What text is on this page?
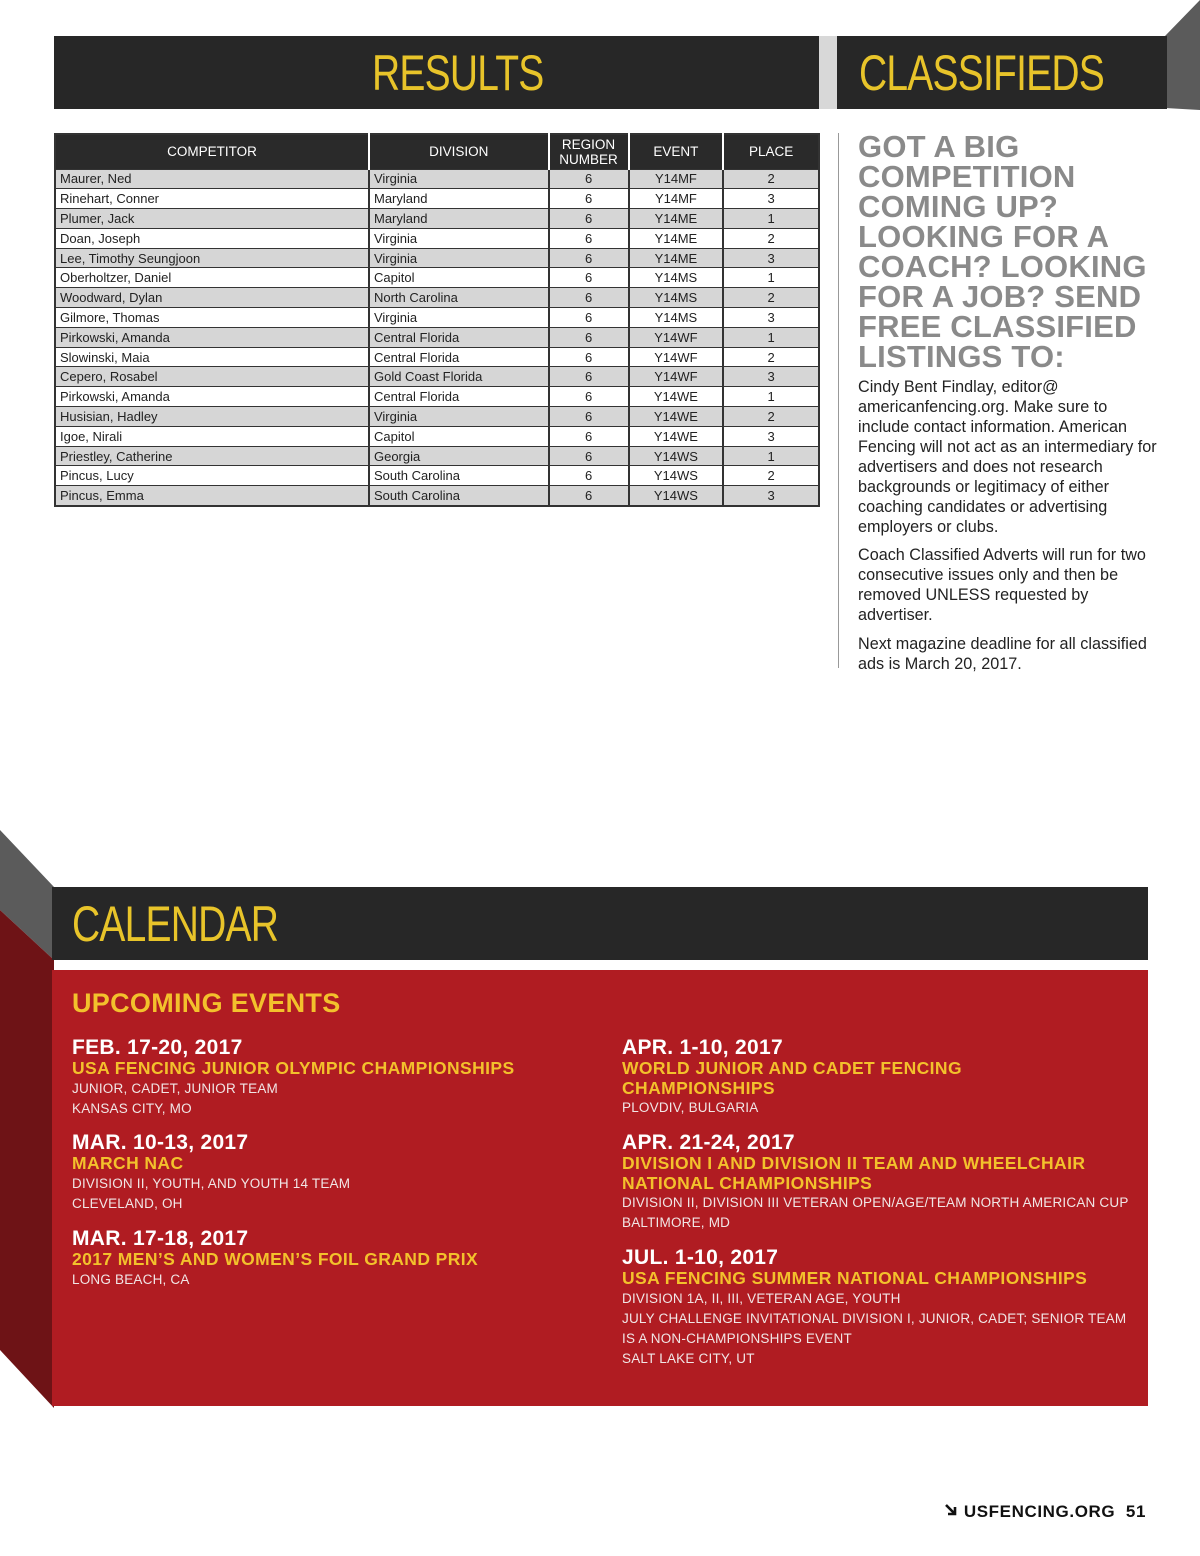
RESULTS
COMPETITOR	DIVISION	REGION NUMBER	EVENT	PLACE
Maurer, Ned	Virginia	6	Y14MF	2
Rinehart, Conner	Maryland	6	Y14MF	3
Plumer, Jack	Maryland	6	Y14ME	1
Doan, Joseph	Virginia	6	Y14ME	2
Lee, Timothy Seungjoon	Virginia	6	Y14ME	3
Oberholtzer, Daniel	Capitol	6	Y14MS	1
Woodward, Dylan	North Carolina	6	Y14MS	2
Gilmore, Thomas	Virginia	6	Y14MS	3
Pirkowski, Amanda	Central Florida	6	Y14WF	1
Slowinski, Maia	Central Florida	6	Y14WF	2
Cepero, Rosabel	Gold Coast Florida	6	Y14WF	3
Pirkowski, Amanda	Central Florida	6	Y14WE	1
Husisian, Hadley	Virginia	6	Y14WE	2
Igoe, Nirali	Capitol	6	Y14WE	3
Priestley, Catherine	Georgia	6	Y14WS	1
Pincus, Lucy	South Carolina	6	Y14WS	2
Pincus, Emma	South Carolina	6	Y14WS	3
CLASSIFIEDS
GOT A BIG COMPETITION COMING UP? LOOKING FOR A COACH? LOOKING FOR A JOB? SEND FREE CLASSIFIED LISTINGS TO:
Cindy Bent Findlay, editor@ americanfencing.org. Make sure to include contact information. American Fencing will not act as an intermediary for advertisers and does not research backgrounds or legitimacy of either coaching candidates or advertising employers or clubs.
Coach Classified Adverts will run for two consecutive issues only and then be removed UNLESS requested by advertiser.
Next magazine deadline for all classified ads is March 20, 2017.
CALENDAR
UPCOMING EVENTS
FEB. 17-20, 2017
USA FENCING JUNIOR OLYMPIC CHAMPIONSHIPS
JUNIOR, CADET, JUNIOR TEAM
KANSAS CITY, MO
MAR. 10-13, 2017
MARCH NAC
DIVISION II, YOUTH, AND YOUTH 14 TEAM
CLEVELAND, OH
MAR. 17-18, 2017
2017 MEN’S AND WOMEN’S FOIL GRAND PRIX
LONG BEACH, CA
APR. 1-10, 2017
WORLD JUNIOR AND CADET FENCING CHAMPIONSHIPS
PLOVDIV, BULGARIA
APR. 21-24, 2017
DIVISION I AND DIVISION II TEAM AND WHEELCHAIR NATIONAL CHAMPIONSHIPS
DIVISION II, DIVISION III VETERAN OPEN/AGE/TEAM NORTH AMERICAN CUP
BALTIMORE, MD
JUL. 1-10, 2017
USA FENCING SUMMER NATIONAL CHAMPIONSHIPS
DIVISION 1A, II, III, VETERAN AGE, YOUTH
JULY CHALLENGE INVITATIONAL DIVISION I, JUNIOR, CADET; SENIOR TEAM IS A NON-CHAMPIONSHIPS EVENT
SALT LAKE CITY, UT
USFENCING.ORG 51
